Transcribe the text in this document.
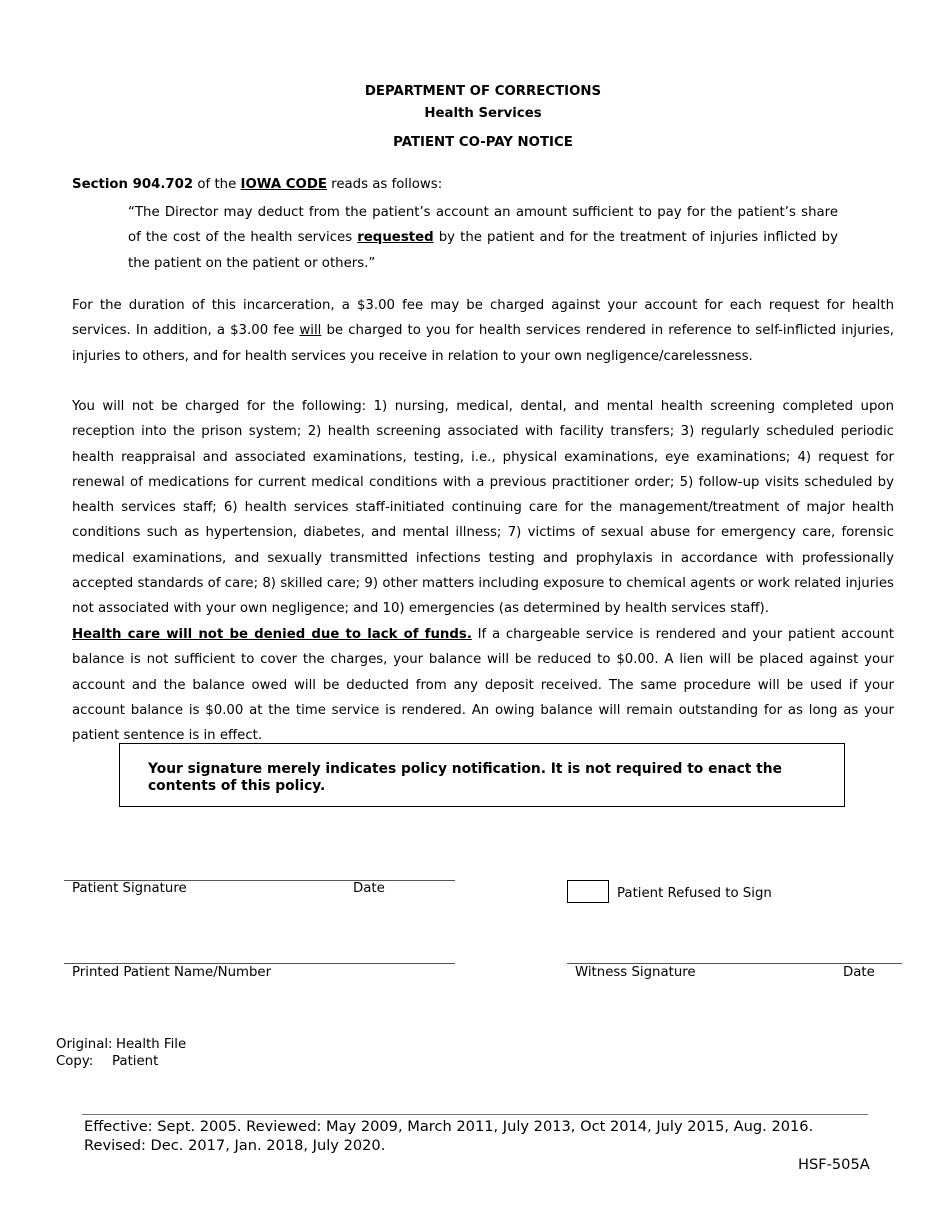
DEPARTMENT OF CORRECTIONS
Health Services
PATIENT CO-PAY NOTICE
Section 904.702 of the IOWA CODE reads as follows:
“The Director may deduct from the patient’s account an amount sufficient to pay for the patient’s share of the cost of the health services requested by the patient and for the treatment of injuries inflicted by the patient on the patient or others.”
For the duration of this incarceration, a $3.00 fee may be charged against your account for each request for health services. In addition, a $3.00 fee will be charged to you for health services rendered in reference to self-inflicted injuries, injuries to others, and for health services you receive in relation to your own negligence/carelessness.
You will not be charged for the following: 1) nursing, medical, dental, and mental health screening completed upon reception into the prison system; 2) health screening associated with facility transfers; 3) regularly scheduled periodic health reappraisal and associated examinations, testing, i.e., physical examinations, eye examinations; 4) request for renewal of medications for current medical conditions with a previous practitioner order; 5) follow-up visits scheduled by health services staff; 6) health services staff-initiated continuing care for the management/treatment of major health conditions such as hypertension, diabetes, and mental illness; 7) victims of sexual abuse for emergency care, forensic medical examinations, and sexually transmitted infections testing and prophylaxis in accordance with professionally accepted standards of care; 8) skilled care; 9) other matters including exposure to chemical agents or work related injuries not associated with your own negligence; and 10) emergencies (as determined by health services staff).
Health care will not be denied due to lack of funds. If a chargeable service is rendered and your patient account balance is not sufficient to cover the charges, your balance will be reduced to $0.00. A lien will be placed against your account and the balance owed will be deducted from any deposit received. The same procedure will be used if your account balance is $0.00 at the time service is rendered. An owing balance will remain outstanding for as long as your patient sentence is in effect.
Your signature merely indicates policy notification. It is not required to enact the contents of this policy.
Patient Signature	Date	Patient Refused to Sign
Printed Patient Name/Number	Witness Signature	Date
Original: Health File
Copy: Patient
Effective: Sept. 2005. Reviewed: May 2009, March 2011, July 2013, Oct 2014, July 2015, Aug. 2016. Revised: Dec. 2017, Jan. 2018, July 2020.
HSF-505A
